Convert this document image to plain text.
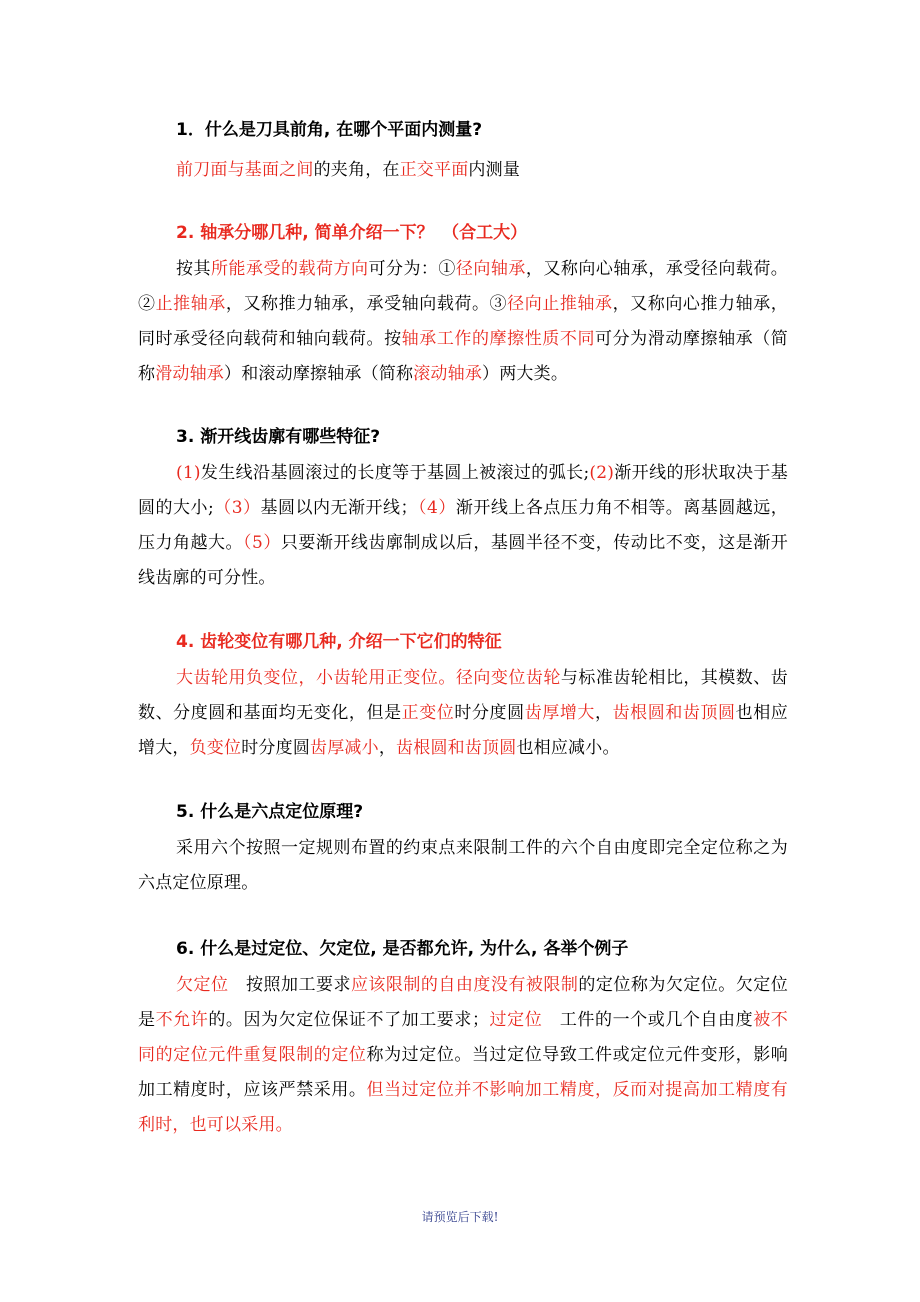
1．什么是刀具前角, 在哪个平面内测量?
前刀面与基面之间的夹角，在正交平面内测量
2. 轴承分哪几种, 简单介绍一下？　（合工大）
按其所能承受的载荷方向可分为：①径向轴承，又称向心轴承，承受径向载荷。②止推轴承，又称推力轴承，承受轴向载荷。③径向止推轴承，又称向心推力轴承，同时承受径向载荷和轴向载荷。按轴承工作的摩擦性质不同可分为滑动摩擦轴承（简称滑动轴承）和滚动摩擦轴承（简称滚动轴承）两大类。
3. 渐开线齿廓有哪些特征?
(1)发生线沿基圆滚过的长度等于基圆上被滚过的弧长;(2)渐开线的形状取决于基圆的大小;（3）基圆以内无渐开线；（4）渐开线上各点压力角不相等。离基圆越远，压力角越大。（5）只要渐开线齿廓制成以后，基圆半径不变，传动比不变，这是渐开线齿廓的可分性。
4. 齿轮变位有哪几种, 介绍一下它们的特征
大齿轮用负变位，小齿轮用正变位。径向变位齿轮与标准齿轮相比，其模数、齿数、分度圆和基面均无变化，但是正变位时分度圆齿厚增大，齿根圆和齿顶圆也相应增大，负变位时分度圆齿厚减小，齿根圆和齿顶圆也相应减小。
5. 什么是六点定位原理?
采用六个按照一定规则布置的约束点来限制工件的六个自由度即完全定位称之为六点定位原理。
6. 什么是过定位、欠定位, 是否都允许, 为什么, 各举个例子
欠定位　按照加工要求应该限制的自由度没有被限制的定位称为欠定位。欠定位是不允许的。因为欠定位保证不了加工要求；过定位　工件的一个或几个自由度被不同的定位元件重复限制的定位称为过定位。当过定位导致工件或定位元件变形，影响加工精度时，应该严禁采用。但当过定位并不影响加工精度，反而对提高加工精度有利时，也可以采用。
请预览后下载!
